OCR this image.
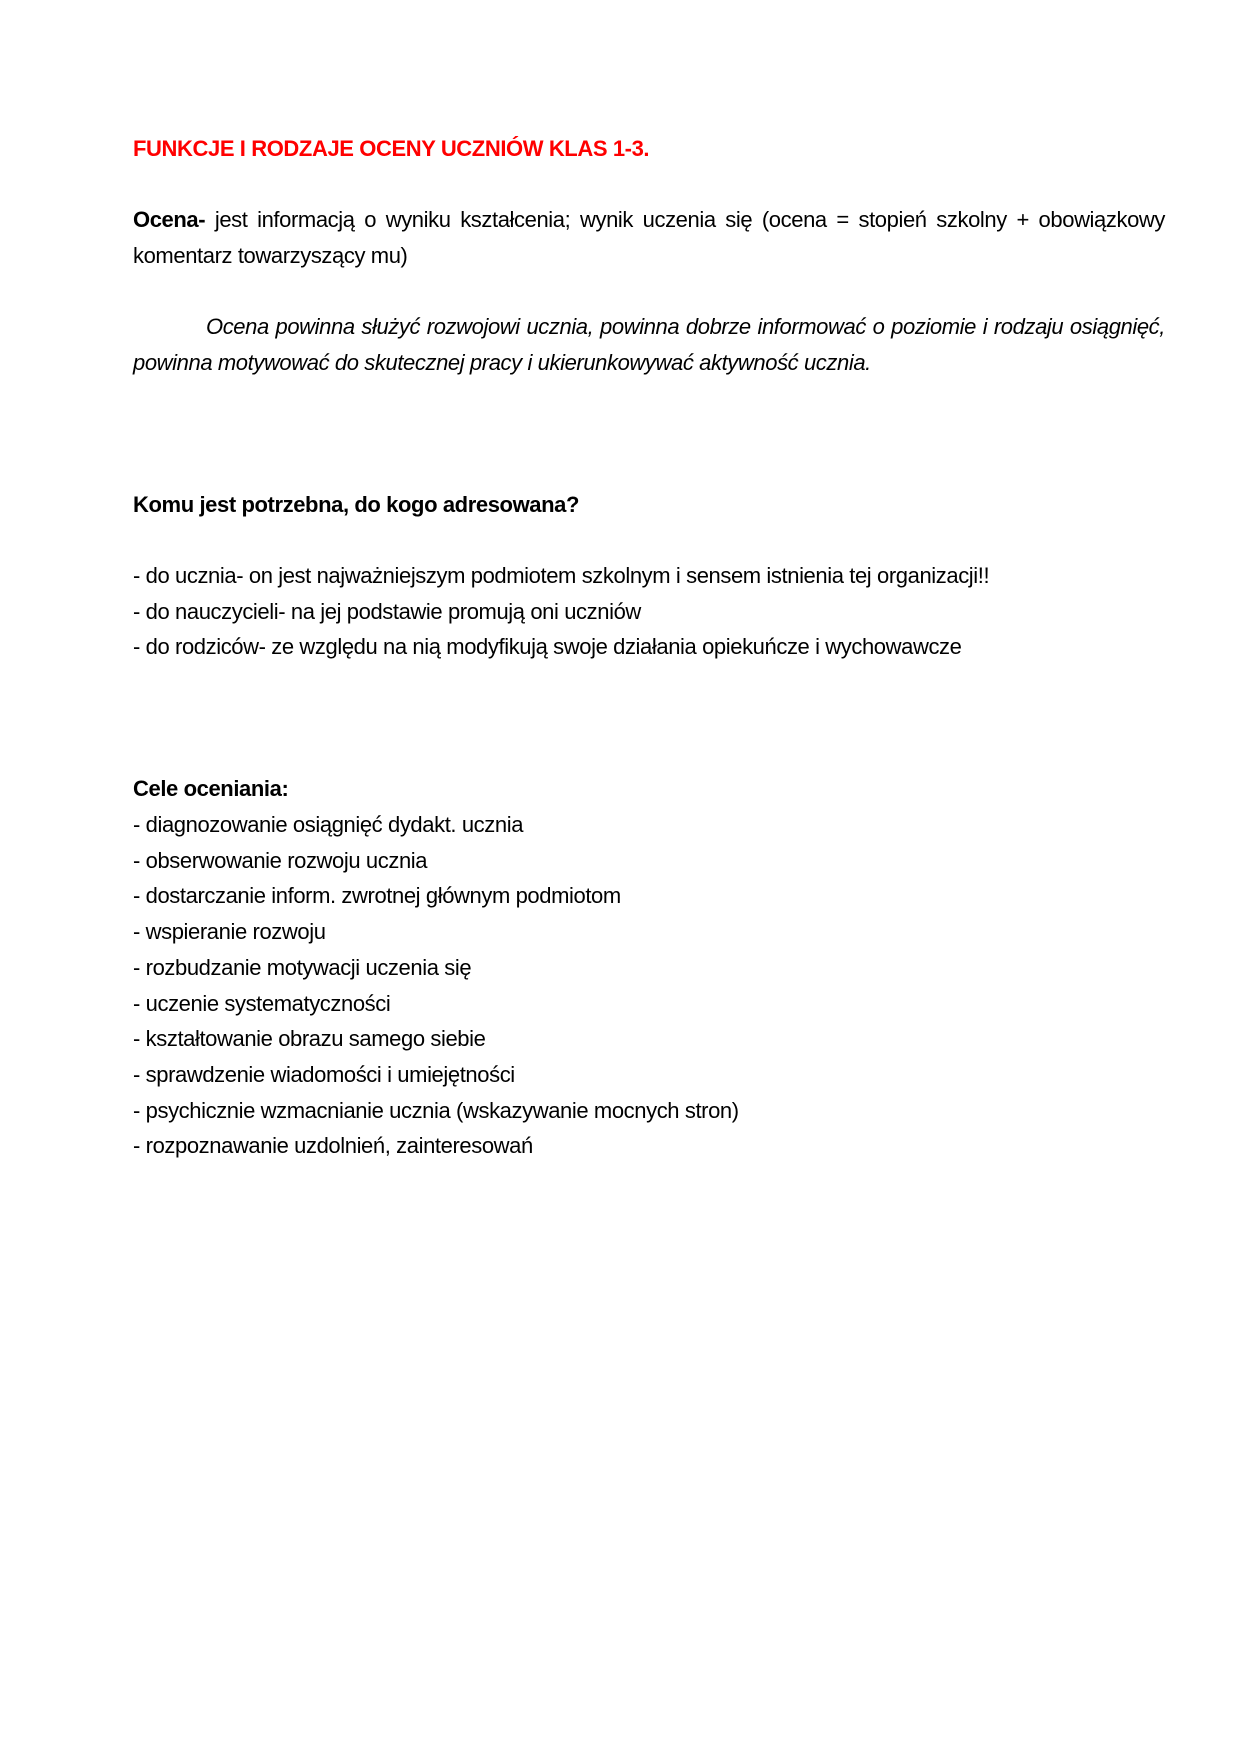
FUNKCJE I RODZAJE OCENY UCZNIÓW KLAS 1-3.
Ocena- jest informacją o wyniku kształcenia; wynik uczenia się (ocena = stopień szkolny + obowiązkowy komentarz towarzyszący mu)
Ocena powinna służyć rozwojowi ucznia, powinna dobrze informować o poziomie i rodzaju osiągnięć, powinna motywować do skutecznej pracy i ukierunkowywać aktywność ucznia.
Komu jest potrzebna, do kogo adresowana?
- do ucznia- on jest najważniejszym podmiotem szkolnym i sensem istnienia tej organizacji!!
- do nauczycieli- na jej podstawie promują oni uczniów
- do rodziców- ze względu na nią modyfikują swoje działania opiekuńcze i wychowawcze
Cele oceniania:
- diagnozowanie osiągnięć dydakt. ucznia
- obserwowanie rozwoju ucznia
- dostarczanie inform. zwrotnej głównym podmiotom
- wspieranie rozwoju
- rozbudzanie motywacji uczenia się
- uczenie systematyczności
- kształtowanie obrazu samego siebie
- sprawdzenie wiadomości i umiejętności
- psychicznie wzmacnianie ucznia (wskazywanie mocnych stron)
- rozpoznawanie uzdolnień, zainteresowań
